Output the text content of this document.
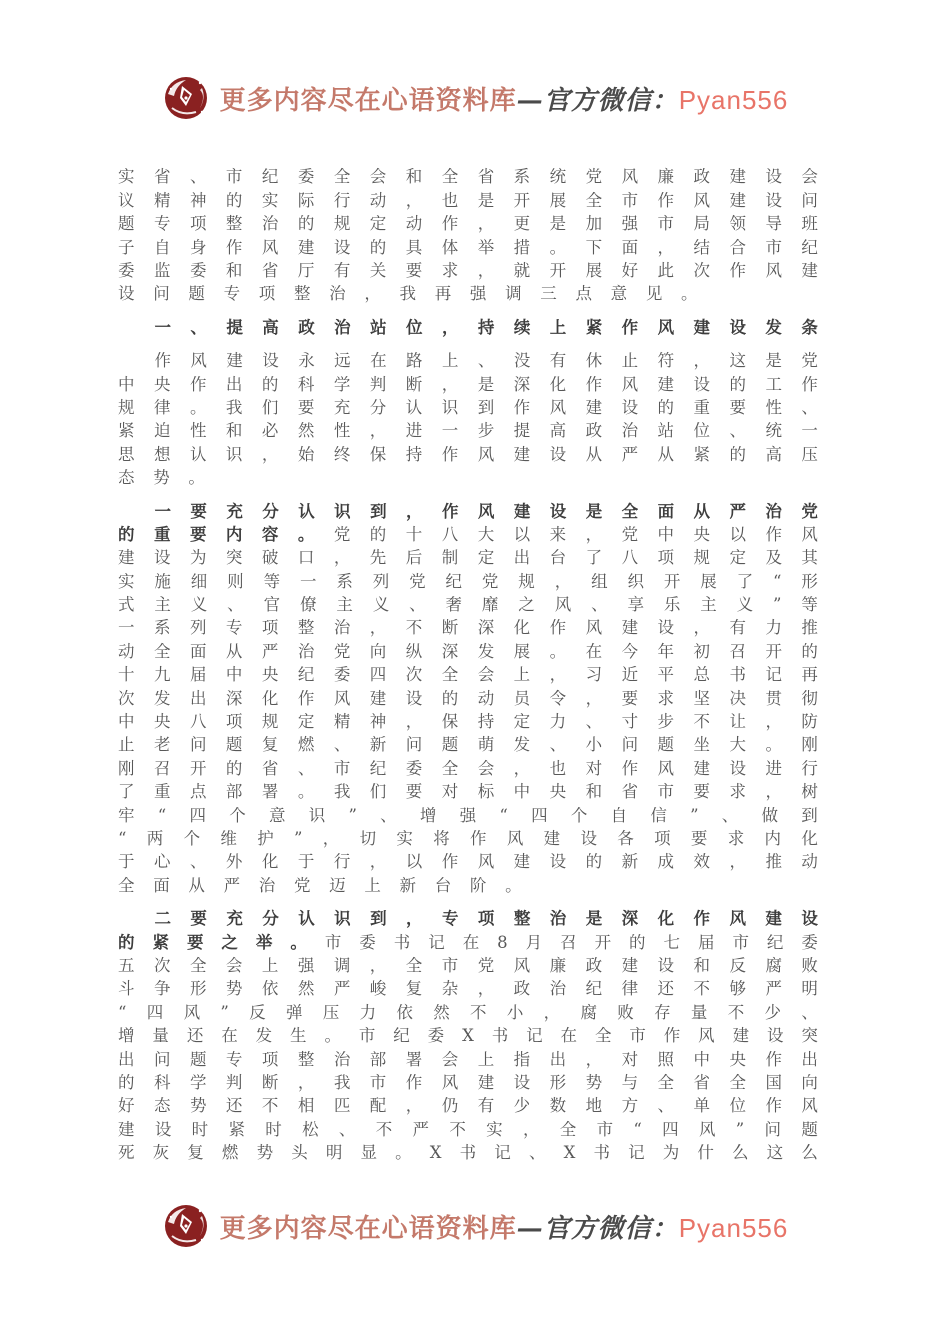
更多内容尽在心语资料库—官方微信：Pyan556
实 省 、 市 纪 委 全 会 和 全 省 系 统 党 风 廉 政 建 设 会
议 精 神 的 实 际 行 动 ， 也 是 开 展 全 市 作 风 建 设 问
题 专 项 整 治 的 规 定 动 作 ， 更 是 加 强 市 局 领 导 班
子 自 身 作 风 建 设 的 具 体 举 措 。 下 面 ， 结 合 市 纪
委 监 委 和 省 厅 有 关 要 求 ， 就 开 展 好 此 次 作 风 建
设	问	题	专	项	整	治	，	我	再	强	调	三	点	意	见	。
一 、 提 高 政 治 站 位 ， 持 续 上 紧 作 风 建 设 发 条
作 风 建 设 永 远 在 路 上 、 没 有 休 止 符 ， 这 是 党
中 央 作 出 的 科 学 判 断 ， 是 深 化 作 风 建 设 的 工 作
规 律 。 我 们 要 充 分 认 识 到 作 风 建 设 的 重 要 性 、
紧 迫 性 和 必 然 性 ， 进 一 步 提 高 政 治 站 位 、 统 一
思 想 认 识 ， 始 终 保 持 作 风 建 设 从 严 从 紧 的 高 压
态	势	。
一 要 充 分 认 识 到 ， 作 风 建 设 是 全 面 从 严 治 党
的 重 要 内 容 。 党 的 十 八 大 以 来 ， 党 中 央 以 作 风
建 设 为 突 破 口 ， 先 后 制 定 出 台 了 八 项 规 定 及 其
实 施 细 则 等 一 系 列 党 纪 党 规 ， 组 织 开 展 了 “ 形
式 主 义 、 官 僚 主 义 、 奢 靡 之 风 、 享 乐 主 义 ” 等
一 系 列 专 项 整 治 ， 不 断 深 化 作 风 建 设 ， 有 力 推
动 全 面 从 严 治 党 向 纵 深 发 展 。 在 今 年 初 召 开 的
十 九 届 中 央 纪 委 四 次 全 会 上 ， 习 近 平 总 书 记 再
次 发 出 深 化 作 风 建 设 的 动 员 令 ， 要 求 坚 决 贯 彻
中 央 八 项 规 定 精 神 ， 保 持 定 力 、 寸 步 不 让 ， 防
止 老 问 题 复 燃 、 新 问 题 萌 发 、 小 问 题 坐 大 。 刚
刚 召 开 的 省 、 市 纪 委 全 会 ， 也 对 作 风 建 设 进 行
了 重 点 部 署 。 我 们 要 对 标 中 央 和 省 市 要 求 ， 树
牢 “ 四 个 意 识 ” 、 增 强 “ 四 个 自 信 ” 、 做 到
“ 两 个 维 护 ” ， 切 实 将 作 风 建 设 各 项 要 求 内 化
于 心 、 外 化 于 行 ， 以 作 风 建 设 的 新 成 效 ， 推 动
全	面	从	严	治	党	迈	上	新	台	阶	。
二 要 充 分 认 识 到 ， 专 项 整 治 是 深 化 作 风 建 设
的 紧 要 之 举 。 市 委 书 记 在 8 月 召 开 的 七 届 市 纪 委
五 次 全 会 上 强 调 ， 全 市 党 风 廉 政 建 设 和 反 腐 败
斗 争 形 势 依 然 严 峻 复 杂 ， 政 治 纪 律 还 不 够 严 明
“ 四 风 ” 反 弹 压 力 依 然 不 小 ， 腐 败 存 量 不 少 、
增 量 还 在 发 生 。 市 纪 委 X 书 记 在 全 市 作 风 建 设 突
出 问 题 专 项 整 治 部 署 会 上 指 出 ， 对 照 中 央 作 出
的 科 学 判 断 ， 我 市 作 风 建 设 形 势 与 全 省 全 国 向
好 态 势 还 不 相 匹 配 ， 仍 有 少 数 地 方 、 单 位 作 风
建 设 时 紧 时 松 、 不 严 不 实 ， 全 市 “ 四 风 ” 问 题
死 灰 复 燃 势 头 明 显 。 X 书 记 、 X 书 记 为 什 么 这 么
更多内容尽在心语资料库—官方微信：Pyan556
